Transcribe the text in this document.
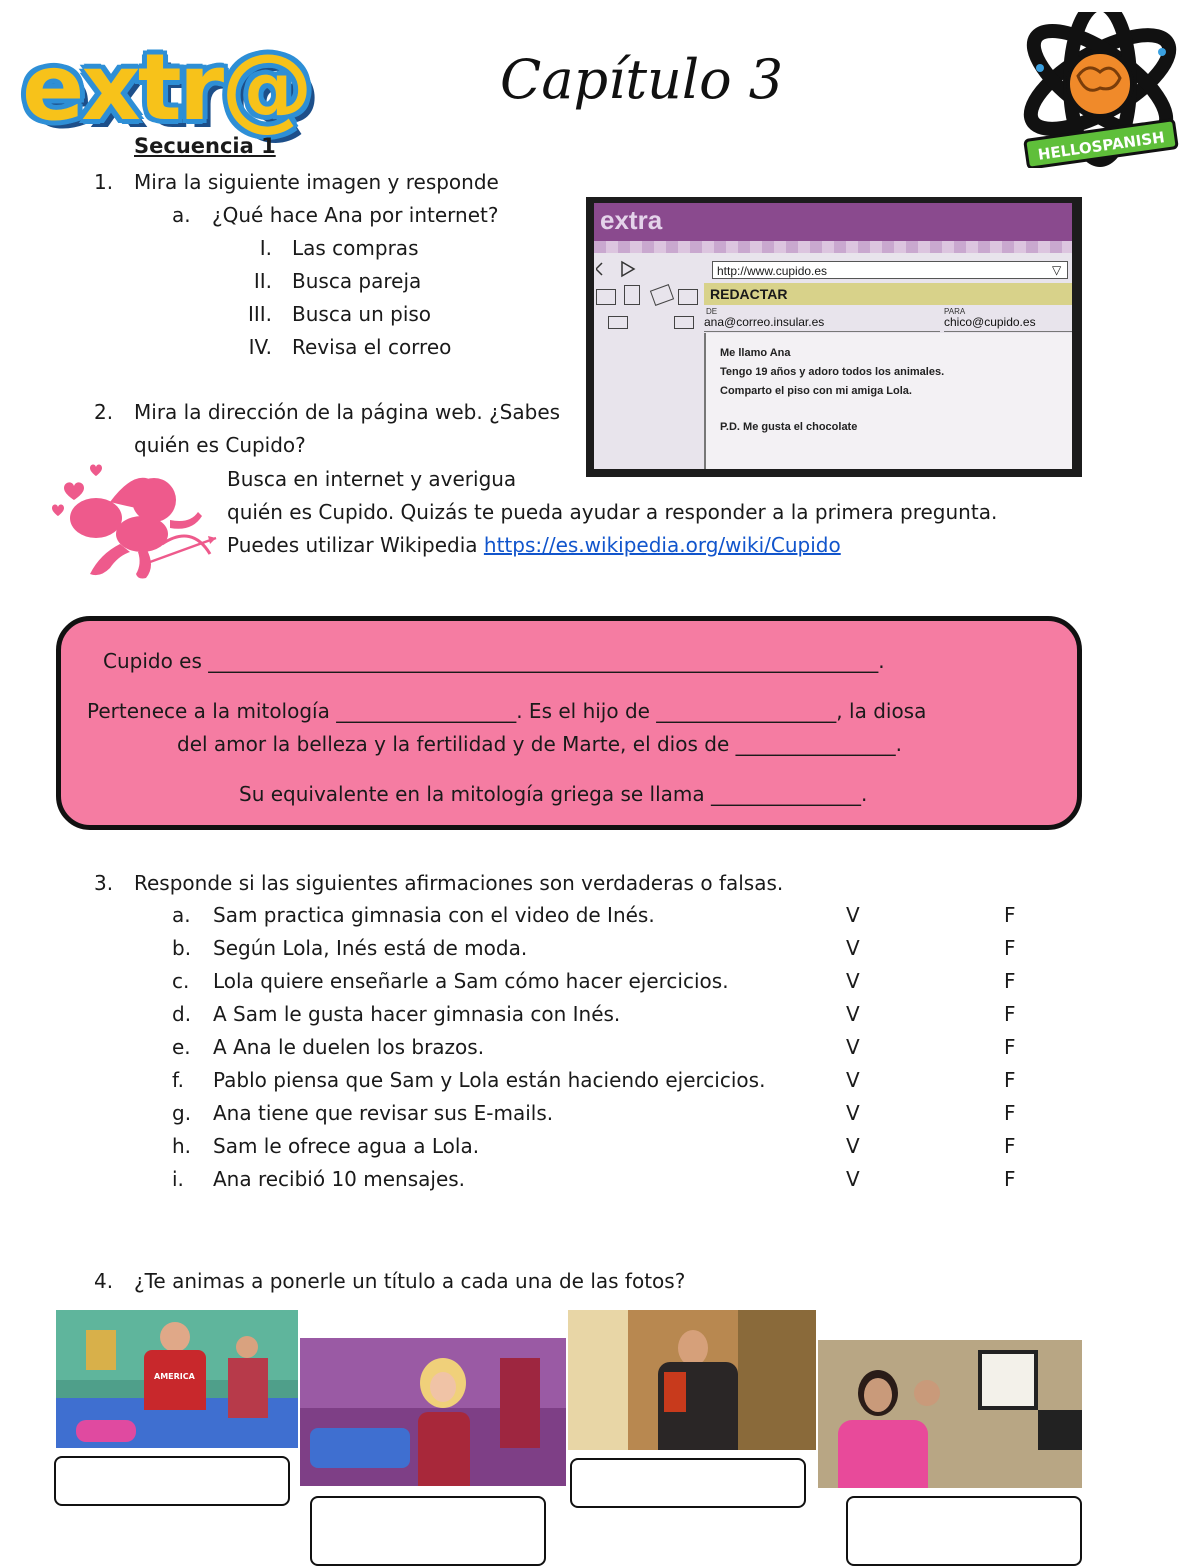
extr@	Capítulo 3
HELLOSPANISH
Secuencia 1
1. Mira la siguiente imagen y responde
a. ¿Qué hace Ana por internet?
I. Las compras
II. Busca pareja
III. Busca un piso
IV. Revisa el correo
extra
http://www.cupido.es	▽
REDACTAR
DE	PARA
ana@correo.insular.es	chico@cupido.es
Me llamo Ana
Tengo 19 años y adoro todos los animales.
Comparto el piso con mi amiga Lola.
P.D. Me gusta el chocolate
2. Mira la dirección de la página web. ¿Sabes
quién es Cupido?
Busca en internet y averigua
quién es Cupido. Quizás te pueda ayudar a responder a la primera pregunta.
Puedes utilizar Wikipedia https://es.wikipedia.org/wiki/Cupido
Cupido es ___________________________________________________________________.
Pertenece a la mitología __________________. Es el hijo de __________________, la diosa
del amor la belleza y la fertilidad y de Marte, el dios de ________________.
Su equivalente en la mitología griega se llama _______________.
3. Responde si las siguientes afirmaciones son verdaderas o falsas.
a. Sam practica gimnasia con el video de Inés.	V	F
b. Según Lola, Inés está de moda.	V	F
c. Lola quiere enseñarle a Sam cómo hacer ejercicios.	V	F
d. A Sam le gusta hacer gimnasia con Inés.	V	F
e. A Ana le duelen los brazos.	V	F
f. Pablo piensa que Sam y Lola están haciendo ejercicios.	V	F
g. Ana tiene que revisar sus E-mails.	V	F
h. Sam le ofrece agua a Lola.	V	F
i. Ana recibió 10 mensajes.	V	F
4. ¿Te animas a ponerle un título a cada una de las fotos?
AMERICA
